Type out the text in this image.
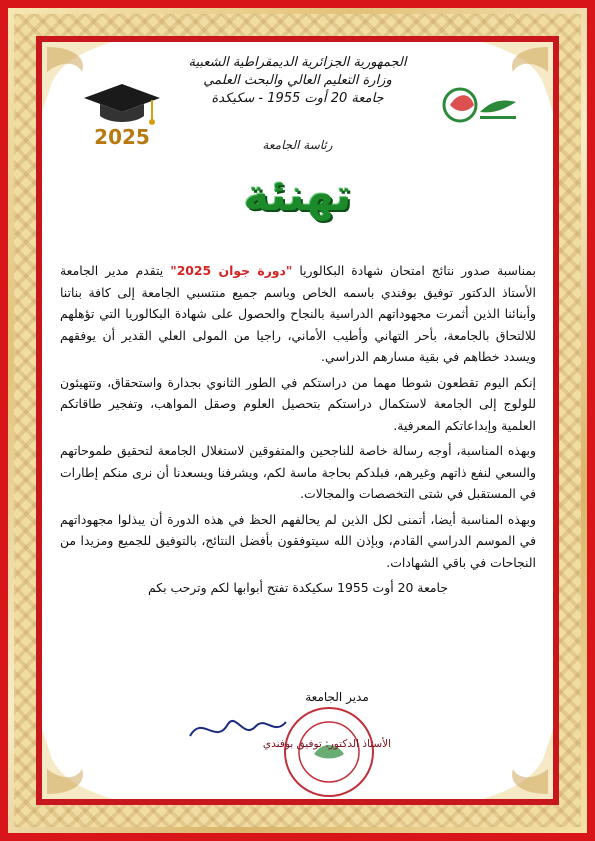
2025
الجمهورية الجزائرية الديمقراطية الشعبية
وزارة التعليم العالي والبحث العلمي
جامعة 20 أوت 1955 - سكيكدة
رئاسة الجامعة
تهنئة

بمناسبة صدور نتائج امتحان شهادة البكالوريا "دورة جوان 2025" يتقدم مدير الجامعة الأستاذ الدكتور توفيق بوفندي باسمه الخاص وباسم جميع منتسبي الجامعة إلى كافة بناتنا وأبنائنا الذين أثمرت مجهوداتهم الدراسية بالنجاح والحصول على شهادة البكالوريا التي تؤهلهم للالتحاق بالجامعة، بأحر التهاني وأطيب الأماني، راجيا من المولى العلي القدير أن يوفقهم ويسدد خطاهم في بقية مسارهم الدراسي.

إنكم اليوم تقطعون شوطا مهما من دراستكم في الطور الثانوي بجدارة واستحقاق، وتتهيئون للولوج إلى الجامعة لاستكمال دراستكم بتحصيل العلوم وصقل المواهب، وتفجير طاقاتكم العلمية وإبداعاتكم المعرفية.

وبهذه المناسبة، أوجه رسالة خاصة للناجحين والمتفوقين لاستغلال الجامعة لتحقيق طموحاتهم والسعي لنفع ذاتهم وغيرهم، فبلدكم بحاجة ماسة لكم، ويشرفنا ويسعدنا أن نرى منكم إطارات في المستقبل في شتى التخصصات والمجالات.

وبهذه المناسبة أيضا، أتمنى لكل الذين لم يحالفهم الحظ في هذه الدورة أن يبذلوا مجهوداتهم في الموسم الدراسي القادم، وبإذن الله سيتوفقون بأفضل النتائج، بالتوفيق للجميع ومزيدا من النجاحات في باقي الشهادات.

جامعة 20 أوت 1955 سكيكدة تفتح أبوابها لكم وترحب بكم

مدير الجامعة
الأستاذ الدكتور: توفيق بوفندي
